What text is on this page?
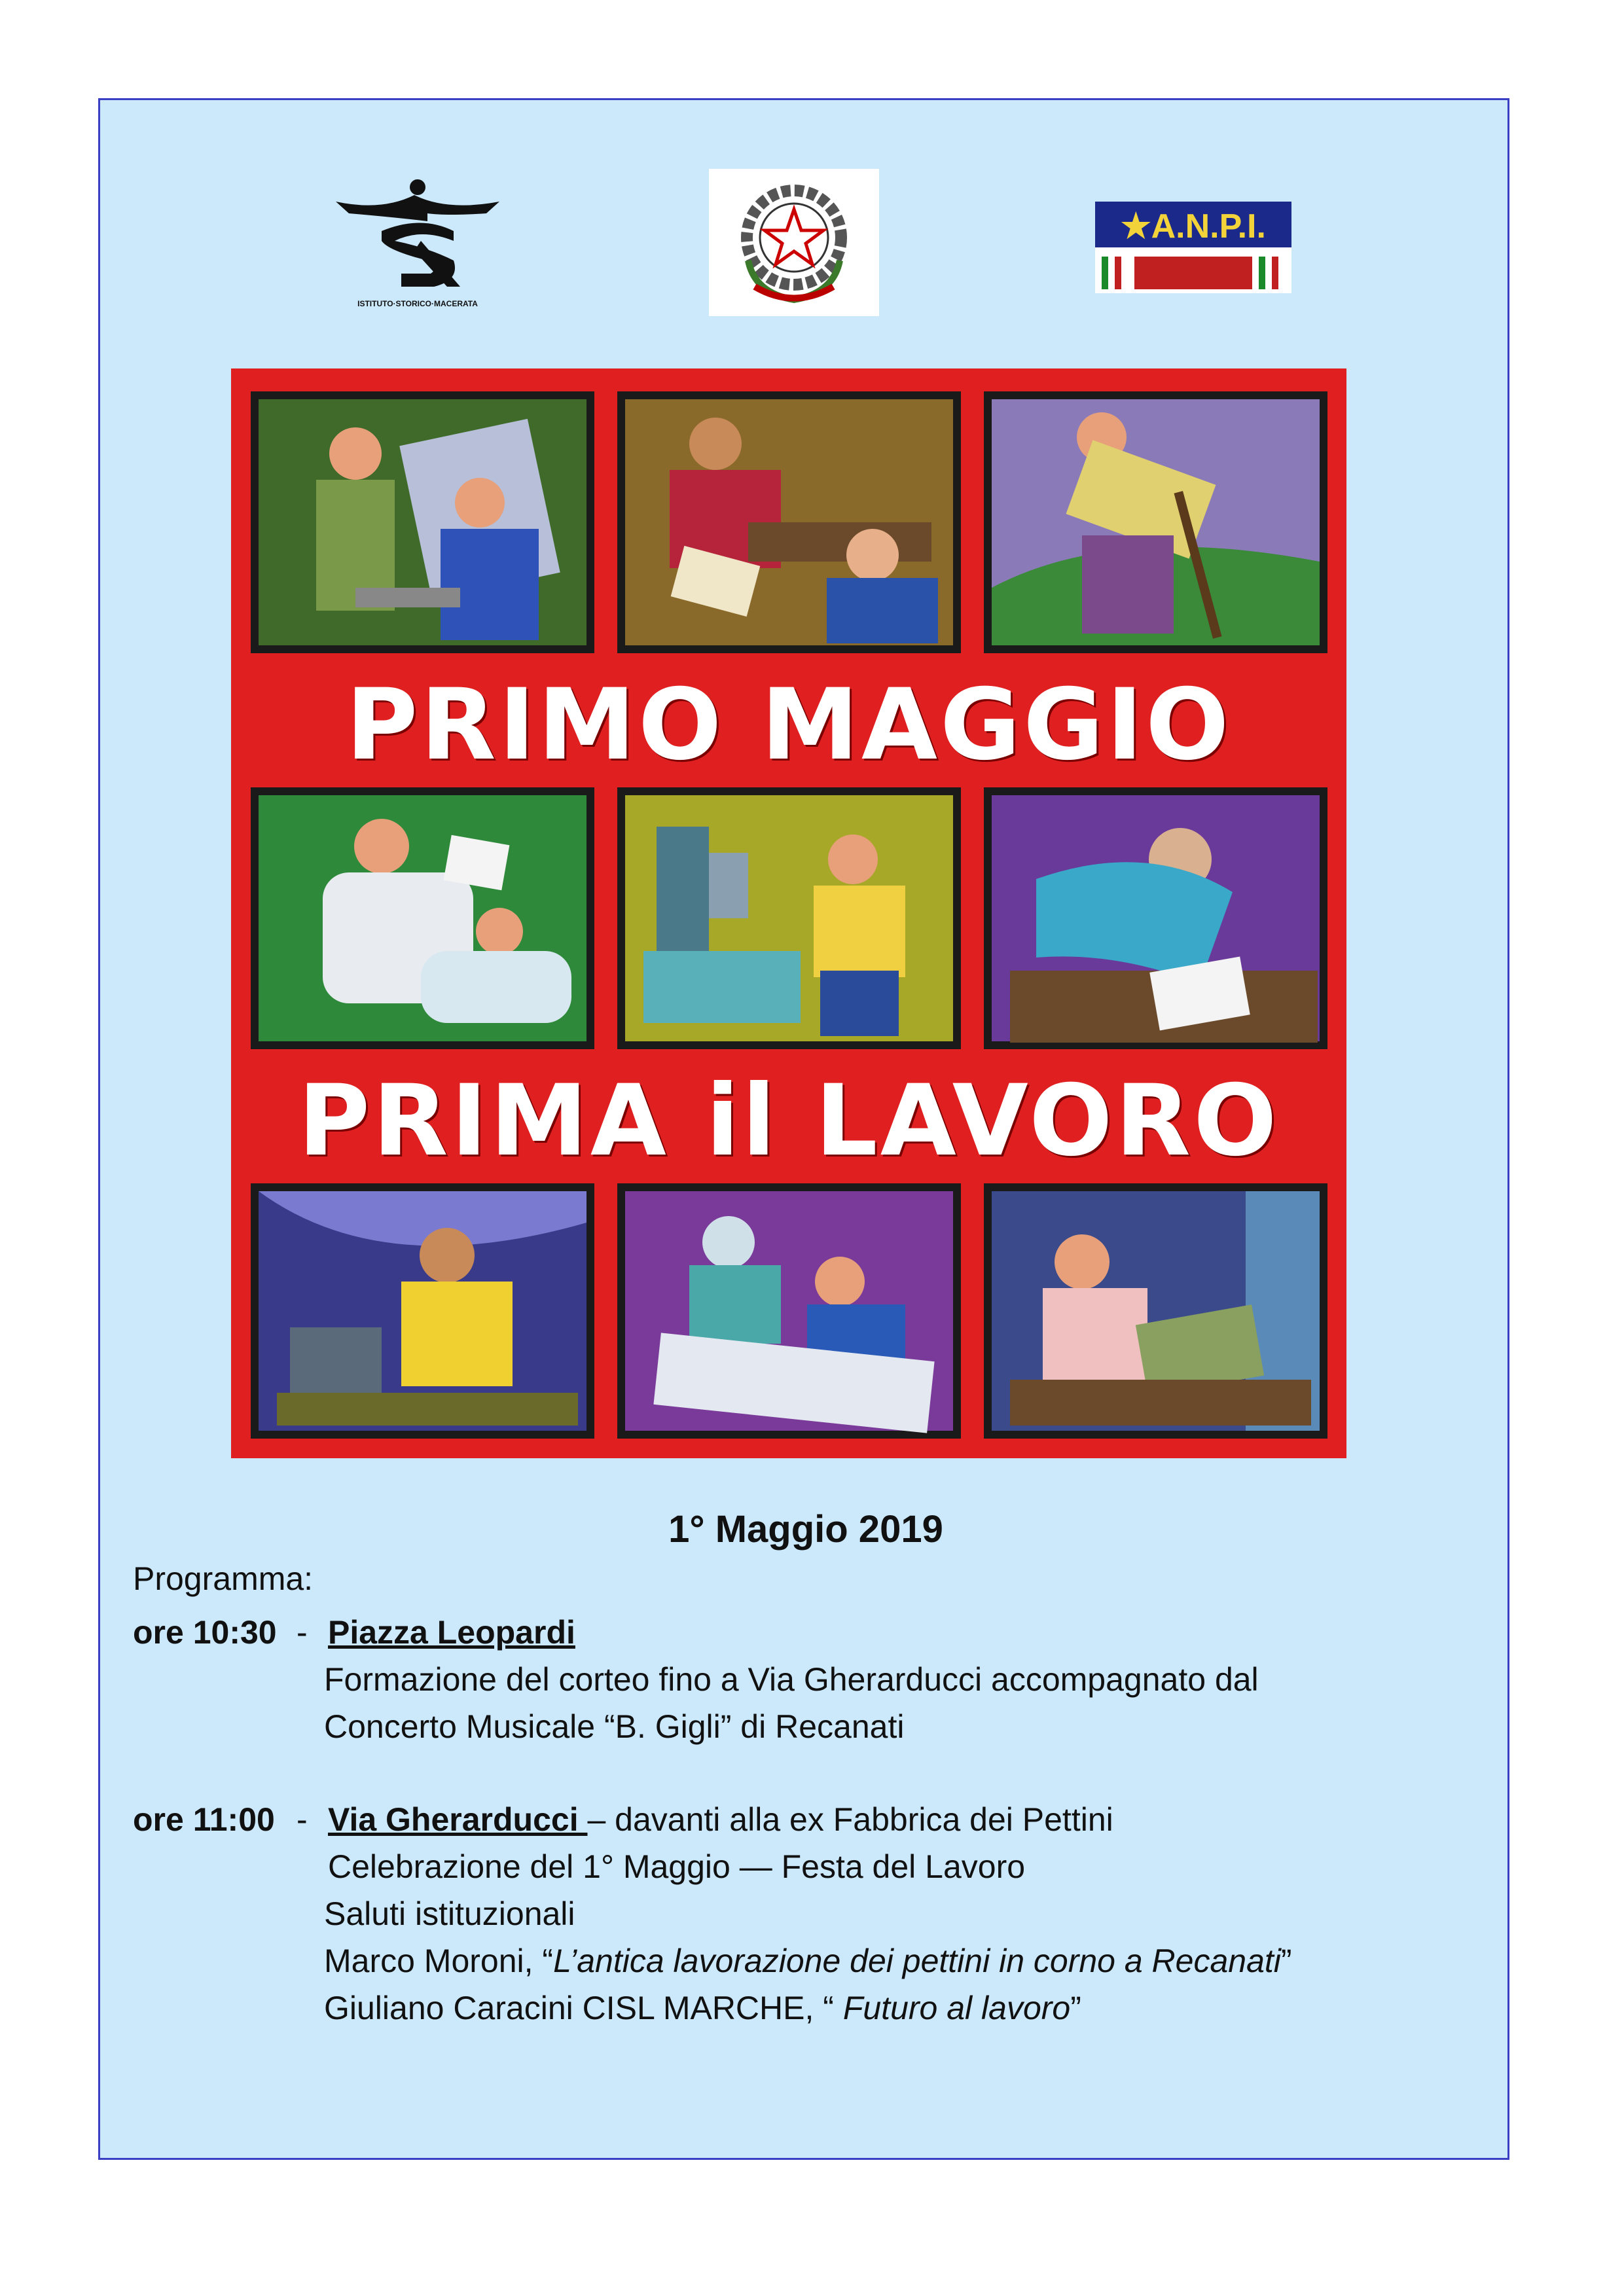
ISTITUTO·STORICO·MACERATA
★A.N.P.I.
PRIMO MAGGIO
PRIMA il LAVORO
1° Maggio 2019
Programma:
ore 10:30 - Piazza Leopardi
Formazione del corteo fino a Via Gherarducci accompagnato dal
Concerto Musicale “B. Gigli” di Recanati
ore 11:00 - Via Gherarducci – davanti alla ex Fabbrica dei Pettini
Celebrazione del 1° Maggio — Festa del Lavoro
Saluti istituzionali
Marco Moroni, “L’antica lavorazione dei pettini in corno a Recanati”
Giuliano Caracini CISL MARCHE, “ Futuro al lavoro”
